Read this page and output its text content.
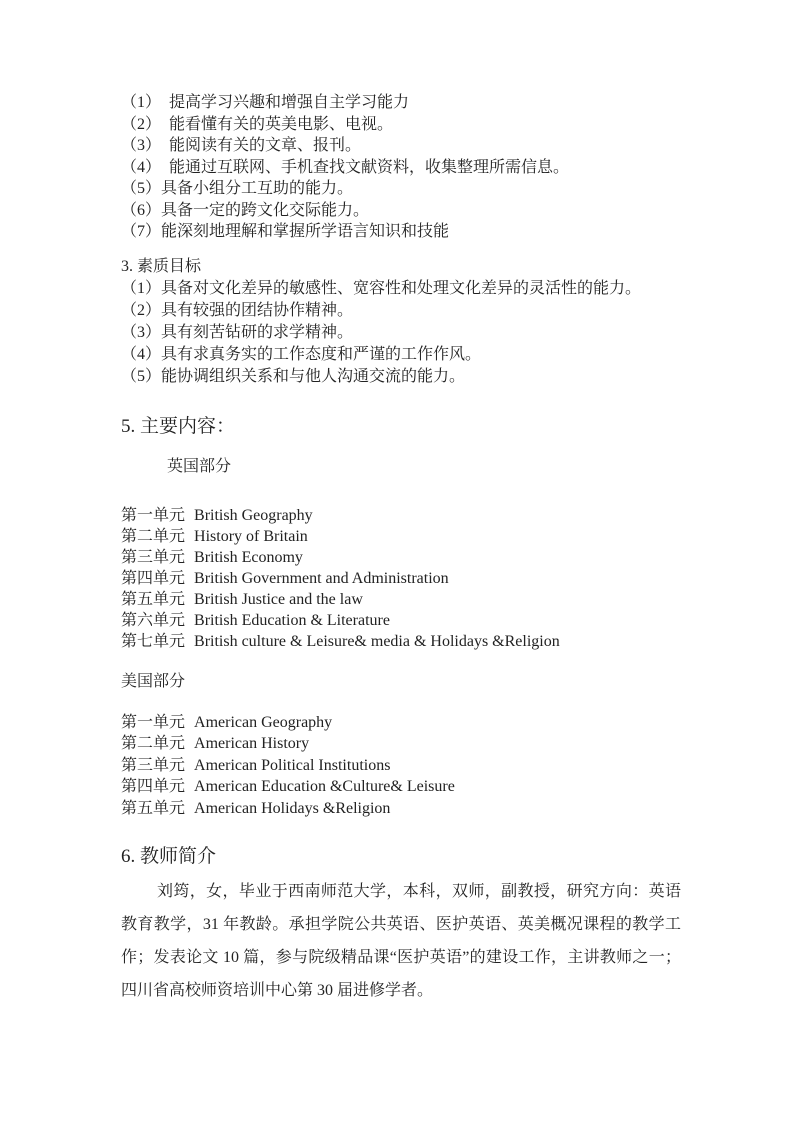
（1）　提高学习兴趣和增强自主学习能力
（2）　能看懂有关的英美电影、电视。
（3）　能阅读有关的文章、报刊。
（4）　能通过互联网、手机查找文献资料，收集整理所需信息。
（5）具备小组分工互助的能力。
（6）具备一定的跨文化交际能力。
（7）能深刻地理解和掌握所学语言知识和技能
3. 素质目标
（1）具备对文化差异的敏感性、宽容性和处理文化差异的灵活性的能力。
（2）具有较强的团结协作精神。
（3）具有刻苦钻研的求学精神。
（4）具有求真务实的工作态度和严谨的工作作风。
（5）能协调组织关系和与他人沟通交流的能力。
5. 主要内容：
英国部分
第一单元 British Geography
第二单元 History of Britain
第三单元 British Economy
第四单元 British Government and Administration
第五单元 British Justice and the law
第六单元 British Education & Literature
第七单元 British culture & Leisure& media & Holidays &Religion
美国部分
第一单元 American Geography
第二单元 American History
第三单元 American Political Institutions
第四单元 American Education &Culture& Leisure
第五单元 American Holidays &Religion
6. 教师简介
刘筠，女，毕业于西南师范大学，本科，双师，副教授，研究方向：英语
教育教学，31 年教龄。承担学院公共英语、医护英语、英美概况课程的教学工
作；发表论文 10 篇，参与院级精品课“医护英语”的建设工作，主讲教师之一；
四川省高校师资培训中心第 30 届进修学者。
